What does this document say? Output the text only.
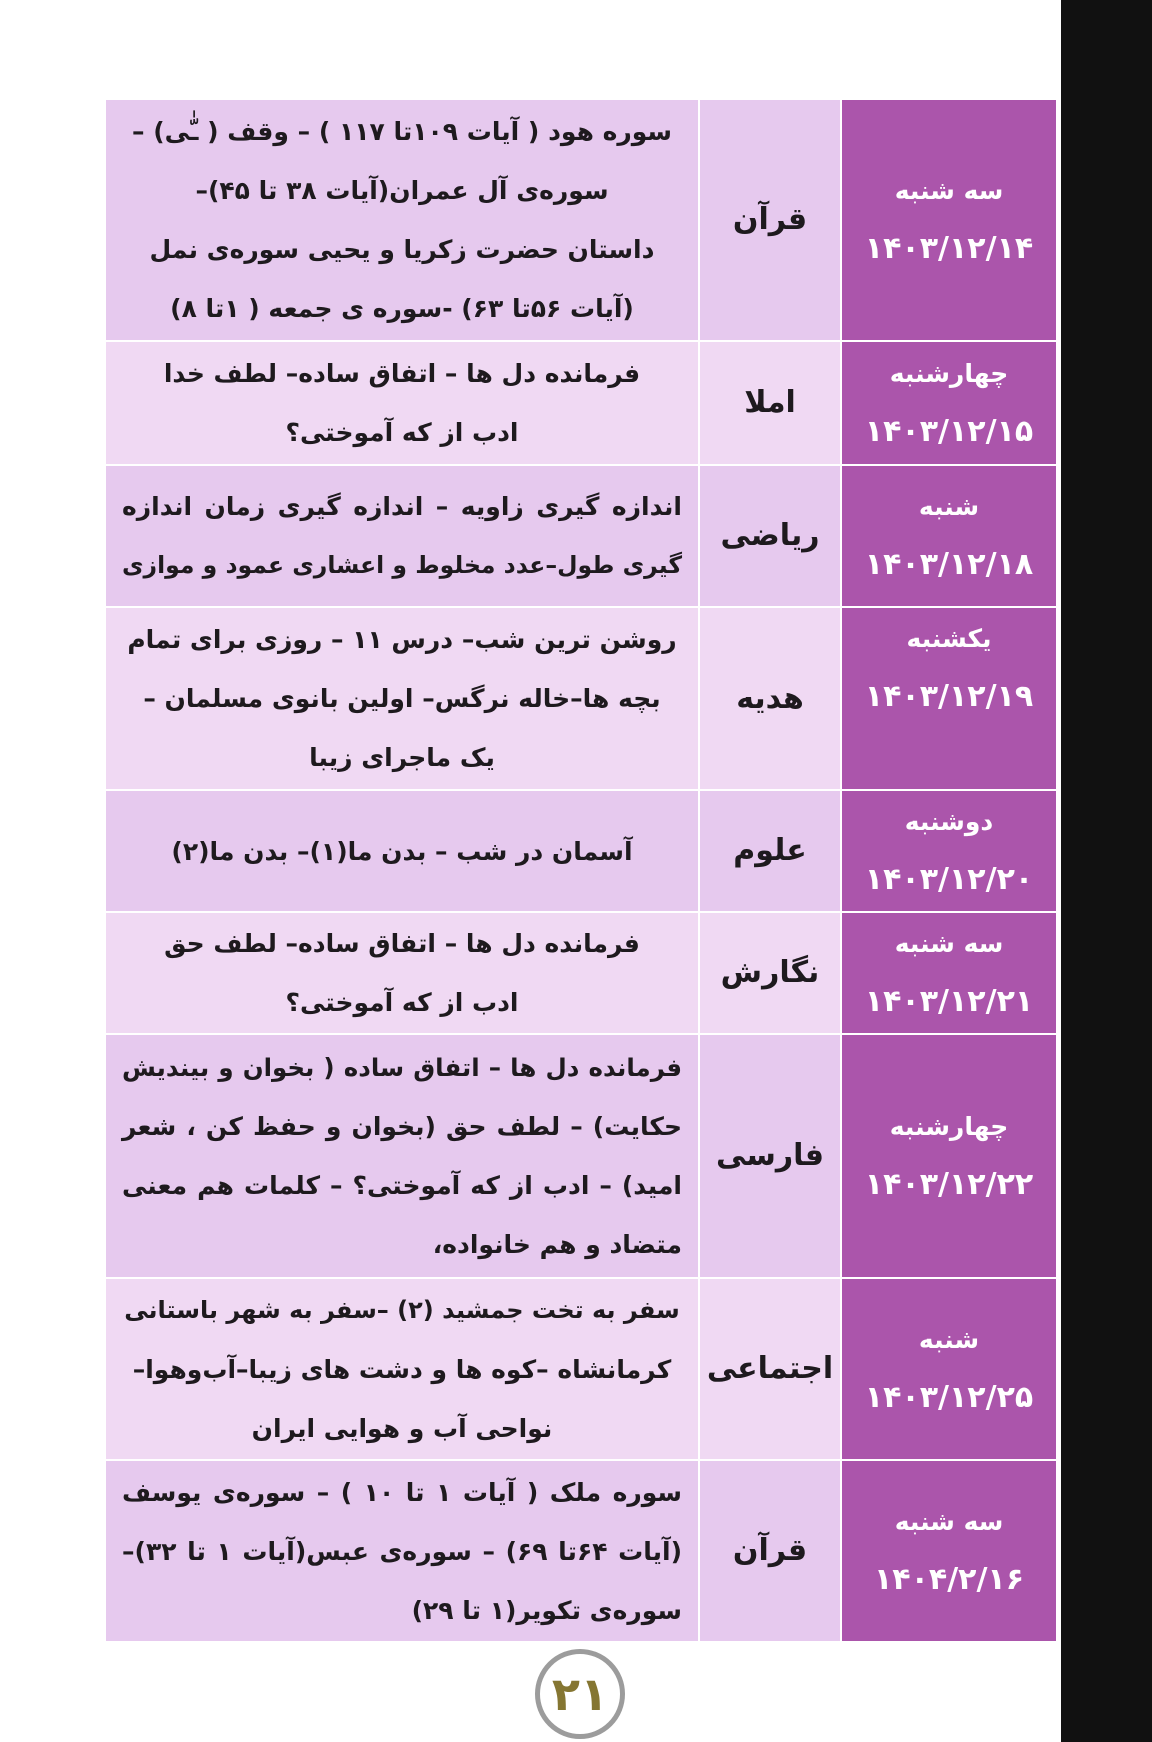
سه شنبه
۱۴۰۳/۱۲/۱۴
قرآن
سوره هود ( آیات ۱۰۹تا ۱۱۷ ) – وقف ( ـّٰی) –
سوره‌ی آل عمران(آیات ۳۸ تا ۴۵)–
داستان حضرت زکریا و یحیی سوره‌ی نمل
(آیات ۵۶تا ۶۳) -سوره ی جمعه ( ۱تا ۸)
چهارشنبه
۱۴۰۳/۱۲/۱۵
املا
فرمانده دل ها – اتفاق ساده– لطف خدا
ادب از که آموختی؟
شنبه
۱۴۰۳/۱۲/۱۸
ریاضی
اندازه گیری زاویه – اندازه گیری زمان اندازه
گیری طول–عدد مخلوط و اعشاری عمود و موازی
یکشنبه
۱۴۰۳/۱۲/۱۹
هدیه
روشن ترین شب– درس ۱۱ – روزی برای تمام
بچه ها–خاله نرگس– اولین بانوی مسلمان –
یک ماجرای زیبا
دوشنبه
۱۴۰۳/۱۲/۲۰
علوم
آسمان در شب – بدن ما(۱)– بدن ما(۲)
سه شنبه
۱۴۰۳/۱۲/۲۱
نگارش
فرمانده دل ها – اتفاق ساده– لطف حق
ادب از که آموختی؟
چهارشنبه
۱۴۰۳/۱۲/۲۲
فارسی
فرمانده دل ها – اتفاق ساده ( بخوان و بیندیش
حکایت) – لطف حق (بخوان و حفظ کن ، شعر
امید) – ادب از که آموختی؟ – کلمات هم معنی
متضاد و هم خانواده،
شنبه
۱۴۰۳/۱۲/۲۵
اجتماعی
سفر به تخت جمشید (۲) –سفر به شهر باستانی
کرمانشاه –کوه ها و دشت های زیبا–آب‌وهوا–
نواحی آب و هوایی ایران
سه شنبه
۱۴۰۴/۲/۱۶
قرآن
سوره ملک ( آیات ۱ تا ۱۰ ) – سوره‌ی یوسف
(آیات ۶۴تا ۶۹) – سوره‌ی عبس(آیات ۱ تا ۳۲)–
سوره‌ی تکویر(۱ تا ۲۹)
۲۱
